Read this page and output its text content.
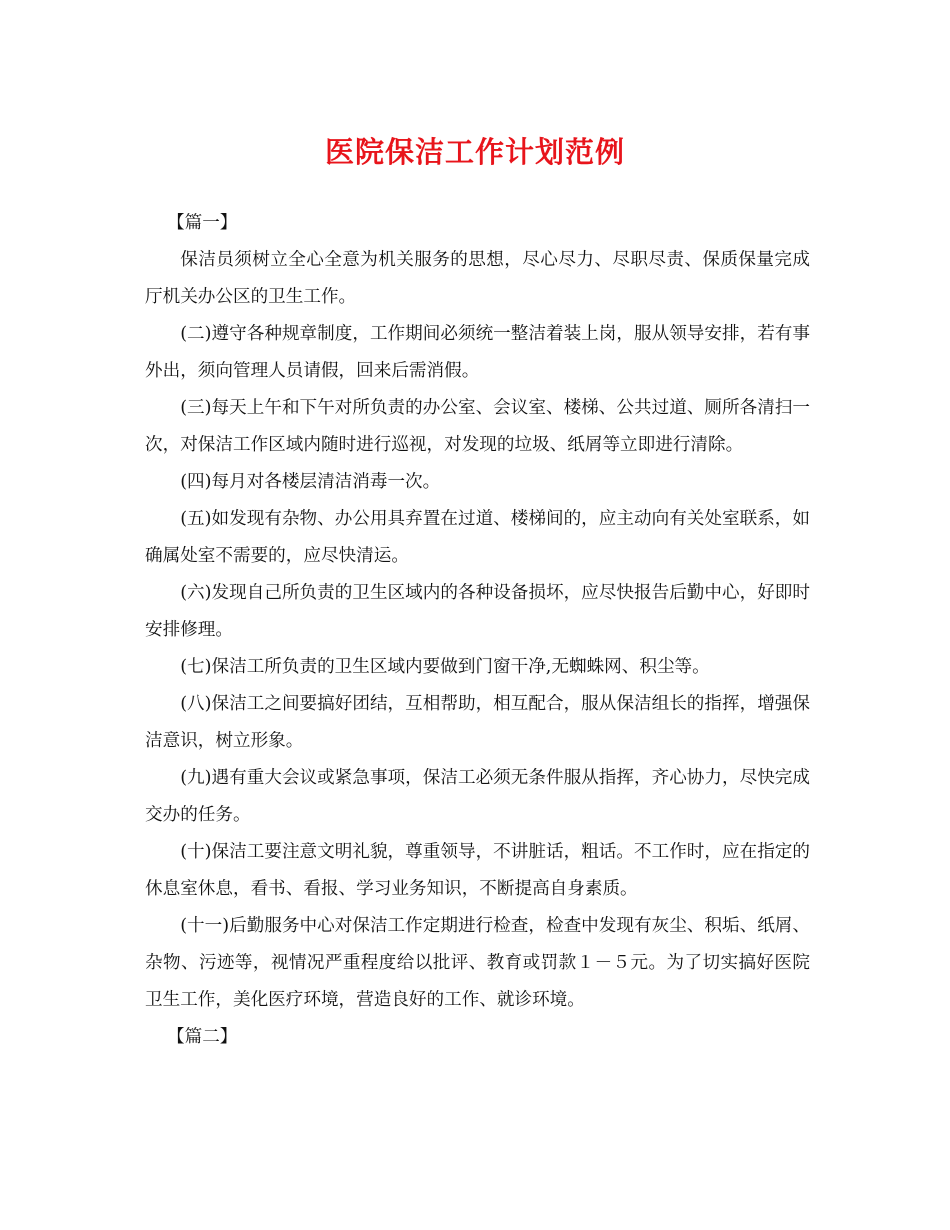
医院保洁工作计划范例

【篇一】

保洁员须树立全心全意为机关服务的思想，尽心尽力、尽职尽责、保质保量完成厅机关办公区的卫生工作。

(二)遵守各种规章制度，工作期间必须统一整洁着装上岗，服从领导安排，若有事外出，须向管理人员请假，回来后需消假。

(三)每天上午和下午对所负责的办公室、会议室、楼梯、公共过道、厕所各清扫一次，对保洁工作区域内随时进行巡视，对发现的垃圾、纸屑等立即进行清除。

(四)每月对各楼层清洁消毒一次。

(五)如发现有杂物、办公用具弃置在过道、楼梯间的，应主动向有关处室联系，如确属处室不需要的，应尽快清运。

(六)发现自己所负责的卫生区域内的各种设备损坏，应尽快报告后勤中心，好即时安排修理。

(七)保洁工所负责的卫生区域内要做到门窗干净,无蜘蛛网、积尘等。

(八)保洁工之间要搞好团结，互相帮助，相互配合，服从保洁组长的指挥，增强保洁意识，树立形象。

(九)遇有重大会议或紧急事项，保洁工必须无条件服从指挥，齐心协力，尽快完成交办的任务。

(十)保洁工要注意文明礼貌，尊重领导，不讲脏话，粗话。不工作时，应在指定的休息室休息，看书、看报、学习业务知识，不断提高自身素质。

(十一)后勤服务中心对保洁工作定期进行检查，检查中发现有灰尘、积垢、纸屑、杂物、污迹等，视情况严重程度给以批评、教育或罚款１－５元。为了切实搞好医院卫生工作，美化医疗环境，营造良好的工作、就诊环境。

【篇二】
